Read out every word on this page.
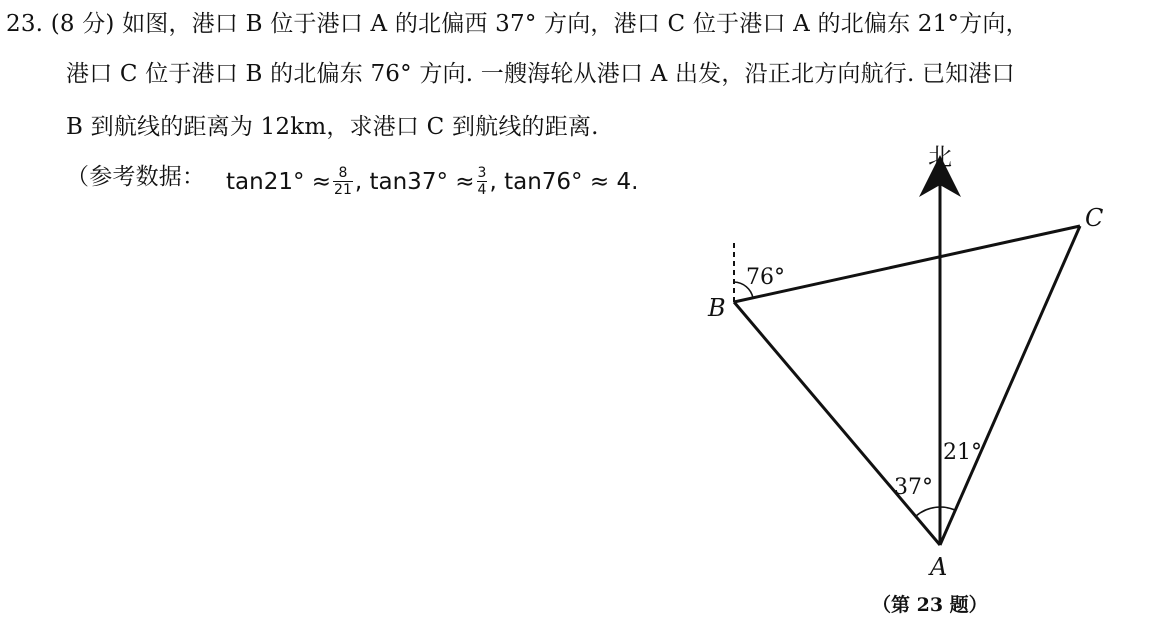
23. (8 分) 如图，港口 B 位于港口 A 的北偏西 37° 方向，港口 C 位于港口 A 的北偏东 21°方向，
港口 C 位于港口 B 的北偏东 76° 方向. 一艘海轮从港口 A 出发，沿正北方向航行. 已知港口
B 到航线的距离为 12km，求港口 C 到航线的距离.
（参考数据： $\tan 21^\circ \approx \frac{8}{21}$ , $\tan 37^\circ \approx \frac{3}{4}$ , tan76° ≈ 4.
北
A
B
C
76°
37°
21°
（第 23 题）
